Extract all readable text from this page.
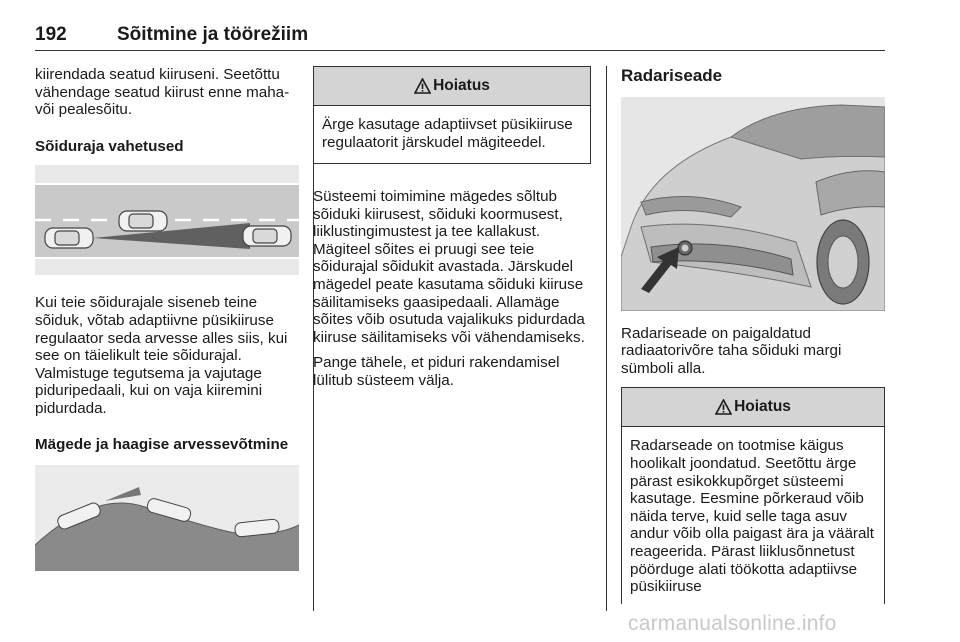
192	Sõitmine ja töörežiim

kiirendada seatud kiiruseni. Seetõttu vähendage seatud kiirust enne maha- või pealesõitu.

Sõiduraja vahetused

Kui teie sõidurajale siseneb teine sõiduk, võtab adaptiivne püsikiiruse regulaator seda arvesse alles siis, kui see on täielikult teie sõidurajal. Valmistuge tegutsema ja vajutage piduripedaali, kui on vaja kiiremini pidurdada.

Mägede ja haagise arvessevõtmine

Hoiatus

Ärge kasutage adaptiivset püsikiiruse regulaatorit järskudel mägiteedel.

Süsteemi toimimine mägedes sõltub sõiduki kiirusest, sõiduki koormusest, liiklustingimustest ja tee kallakust. Mägiteel sõites ei pruugi see teie sõidurajal sõidukit avastada. Järskudel mägedel peate kasutama sõiduki kiiruse säilitamiseks gaasipedaali. Allamäge sõites võib osutuda vajalikuks pidurdada kiiruse säilitamiseks või vähendamiseks.

Pange tähele, et piduri rakendamisel lülitub süsteem välja.

Radariseade

Radariseade on paigaldatud radiaatorivõre taha sõiduki margi sümboli alla.

Hoiatus

Radarseade on tootmise käigus hoolikalt joondatud. Seetõttu ärge pärast esikokkupõrget süsteemi kasutage. Eesmine põrkeraud võib näida terve, kuid selle taga asuv andur võib olla paigast ära ja vääralt reageerida. Pärast liiklusõnnetust pöörduge alati töökotta adaptiivse püsikiiruse

carmanualsonline.info
